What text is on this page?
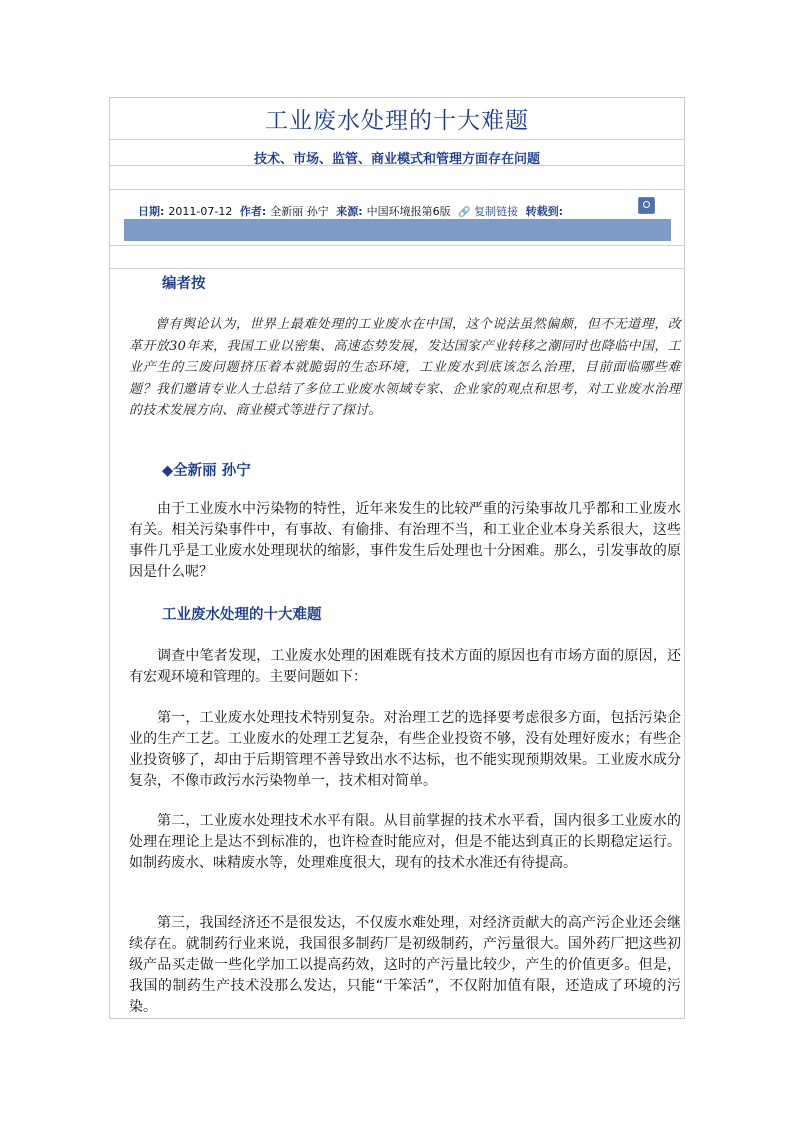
工业废水处理的十大难题
技术、市场、监管、商业模式和管理方面存在问题
日期: 2011-07-12 作者: 全新丽 孙宁 来源: 中国环境报第6版 🔗 复制链接 转载到:
编者按

曾有舆论认为，世界上最难处理的工业废水在中国，这个说法虽然偏颇，但不无道理，改革开放30年来，我国工业以密集、高速态势发展，发达国家产业转移之潮同时也降临中国，工业产生的三废问题挤压着本就脆弱的生态环境，工业废水到底该怎么治理，目前面临哪些难题？我们邀请专业人士总结了多位工业废水领域专家、企业家的观点和思考，对工业废水治理的技术发展方向、商业模式等进行了探讨。

◆全新丽 孙宁

由于工业废水中污染物的特性，近年来发生的比较严重的污染事故几乎都和工业废水有关。相关污染事件中，有事故、有偷排、有治理不当，和工业企业本身关系很大，这些事件几乎是工业废水处理现状的缩影，事件发生后处理也十分困难。那么，引发事故的原因是什么呢？

工业废水处理的十大难题

调查中笔者发现，工业废水处理的困难既有技术方面的原因也有市场方面的原因，还有宏观环境和管理的。主要问题如下：

第一，工业废水处理技术特别复杂。对治理工艺的选择要考虑很多方面，包括污染企业的生产工艺。工业废水的处理工艺复杂，有些企业投资不够，没有处理好废水；有些企业投资够了，却由于后期管理不善导致出水不达标，也不能实现预期效果。工业废水成分复杂，不像市政污水污染物单一，技术相对简单。

第二，工业废水处理技术水平有限。从目前掌握的技术水平看，国内很多工业废水的处理在理论上是达不到标准的，也许检查时能应对，但是不能达到真正的长期稳定运行。如制药废水、味精废水等，处理难度很大，现有的技术水准还有待提高。

第三，我国经济还不是很发达，不仅废水难处理，对经济贡献大的高产污企业还会继续存在。就制药行业来说，我国很多制药厂是初级制药，产污量很大。国外药厂把这些初级产品买走做一些化学加工以提高药效，这时的产污量比较少，产生的价值更多。但是，我国的制药生产技术没那么发达，只能“干笨活”，不仅附加值有限，还造成了环境的污染。
